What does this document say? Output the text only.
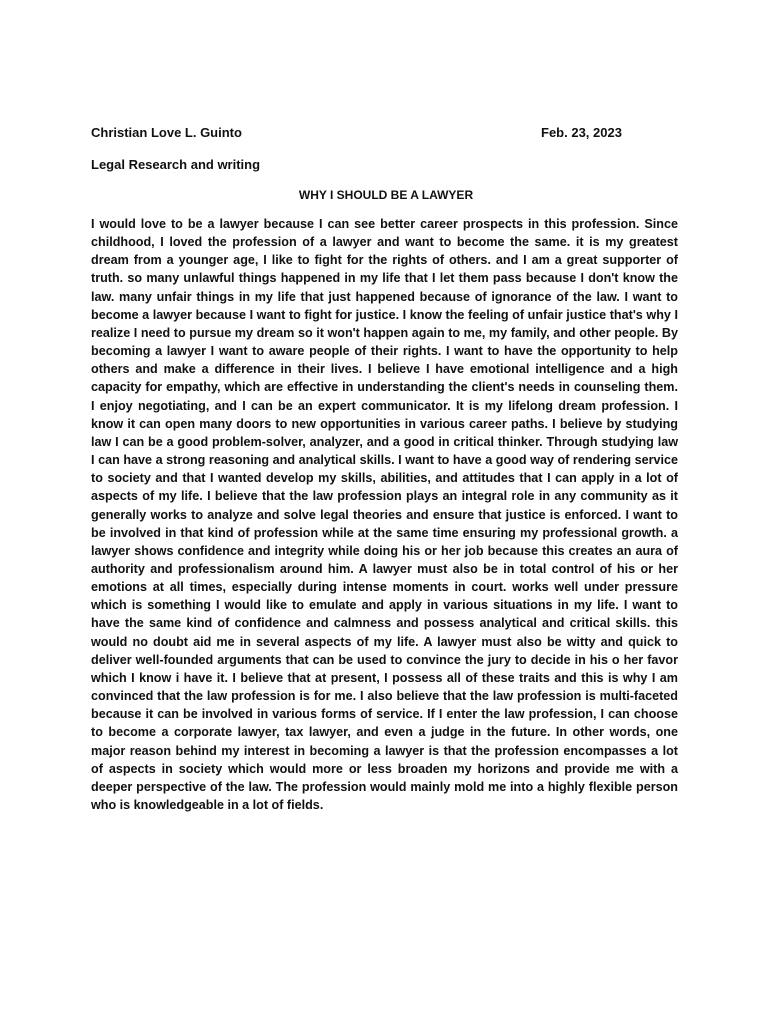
Christian Love L. Guinto	Feb. 23, 2023
Legal Research and writing
WHY I SHOULD BE A LAWYER

I would love to be a lawyer because I can see better career prospects in this profession. Since childhood, I loved the profession of a lawyer and want to become the same. it is my greatest dream from a younger age, I like to fight for the rights of others. and I am a great supporter of truth. so many unlawful things happened in my life that I let them pass because I don't know the law. many unfair things in my life that just happened because of ignorance of the law. I want to become a lawyer because I want to fight for justice. I know the feeling of unfair justice that's why I realize I need to pursue my dream so it won't happen again to me, my family, and other people. By becoming a lawyer I want to aware people of their rights. I want to have the opportunity to help others and make a difference in their lives. I believe I have emotional intelligence and a high capacity for empathy, which are effective in understanding the client's needs in counseling them. I enjoy negotiating, and I can be an expert communicator. It is my lifelong dream profession. I know it can open many doors to new opportunities in various career paths. I believe by studying law I can be a good problem-solver, analyzer, and a good in critical thinker. Through studying law I can have a strong reasoning and analytical skills. I want to have a good way of rendering service to society and that I wanted develop my skills, abilities, and attitudes that I can apply in a lot of aspects of my life. I believe that the law profession plays an integral role in any community as it generally works to analyze and solve legal theories and ensure that justice is enforced. I want to be involved in that kind of profession while at the same time ensuring my professional growth. a lawyer shows confidence and integrity while doing his or her job because this creates an aura of authority and professionalism around him. A lawyer must also be in total control of his or her emotions at all times, especially during intense moments in court. works well under pressure which is something I would like to emulate and apply in various situations in my life. I want to have the same kind of confidence and calmness and possess analytical and critical skills. this would no doubt aid me in several aspects of my life. A lawyer must also be witty and quick to deliver well-founded arguments that can be used to convince the jury to decide in his o her favor which I know i have it. I believe that at present, I possess all of these traits and this is why I am convinced that the law profession is for me. I also believe that the law profession is multi-faceted because it can be involved in various forms of service. If I enter the law profession, I can choose to become a corporate lawyer, tax lawyer, and even a judge in the future. In other words, one major reason behind my interest in becoming a lawyer is that the profession encompasses a lot of aspects in society which would more or less broaden my horizons and provide me with a deeper perspective of the law. The profession would mainly mold me into a highly flexible person who is knowledgeable in a lot of fields.
